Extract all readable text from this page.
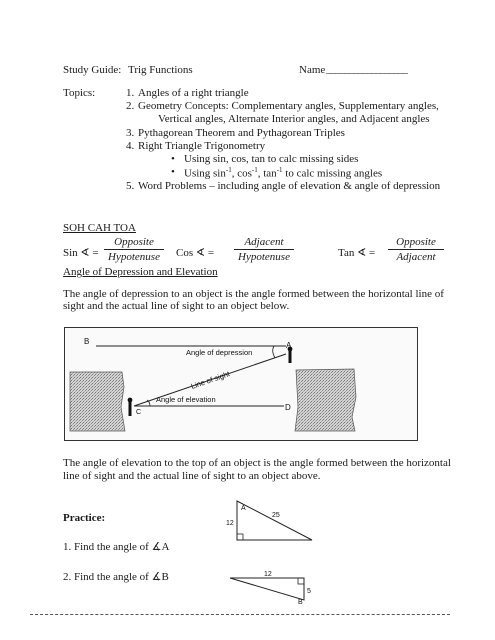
Study Guide: Trig Functions	Name __________________
Topics:	1. Angles of a right triangle
2. Geometry Concepts: Complementary angles, Supplementary angles,
Vertical angles, Alternate Interior angles, and Adjacent angles
3. Pythagorean Theorem and Pythagorean Triples
4. Right Triangle Trigonometry
• Using sin, cos, tan to calc missing sides
• Using $\sin^{-1}$, $\cos^{-1}$, $\tan^{-1}$ to calc missing angles
5. Word Problems – including angle of elevation & angle of depression
SOH CAH TOA
Sin ∢ =
Opposite
Hypotenuse	Cos ∢ =
Adjacent
Hypotenuse	Tan ∢ =
Opposite
Adjacent
Angle of Depression and Elevation
The angle of depression to an object is the angle formed between the horizontal line of
sight and the actual line of sight to an object below.
B	A
C
D
Angle of depression
Line of sight
Angle of elevation
The angle of elevation to the top of an object is the angle formed between the horizontal
line of sight and the actual line of sight to an object above.
Practice:
1. Find the angle of ∡A
A
25
12
2. Find the angle of ∡B	12
5
B
